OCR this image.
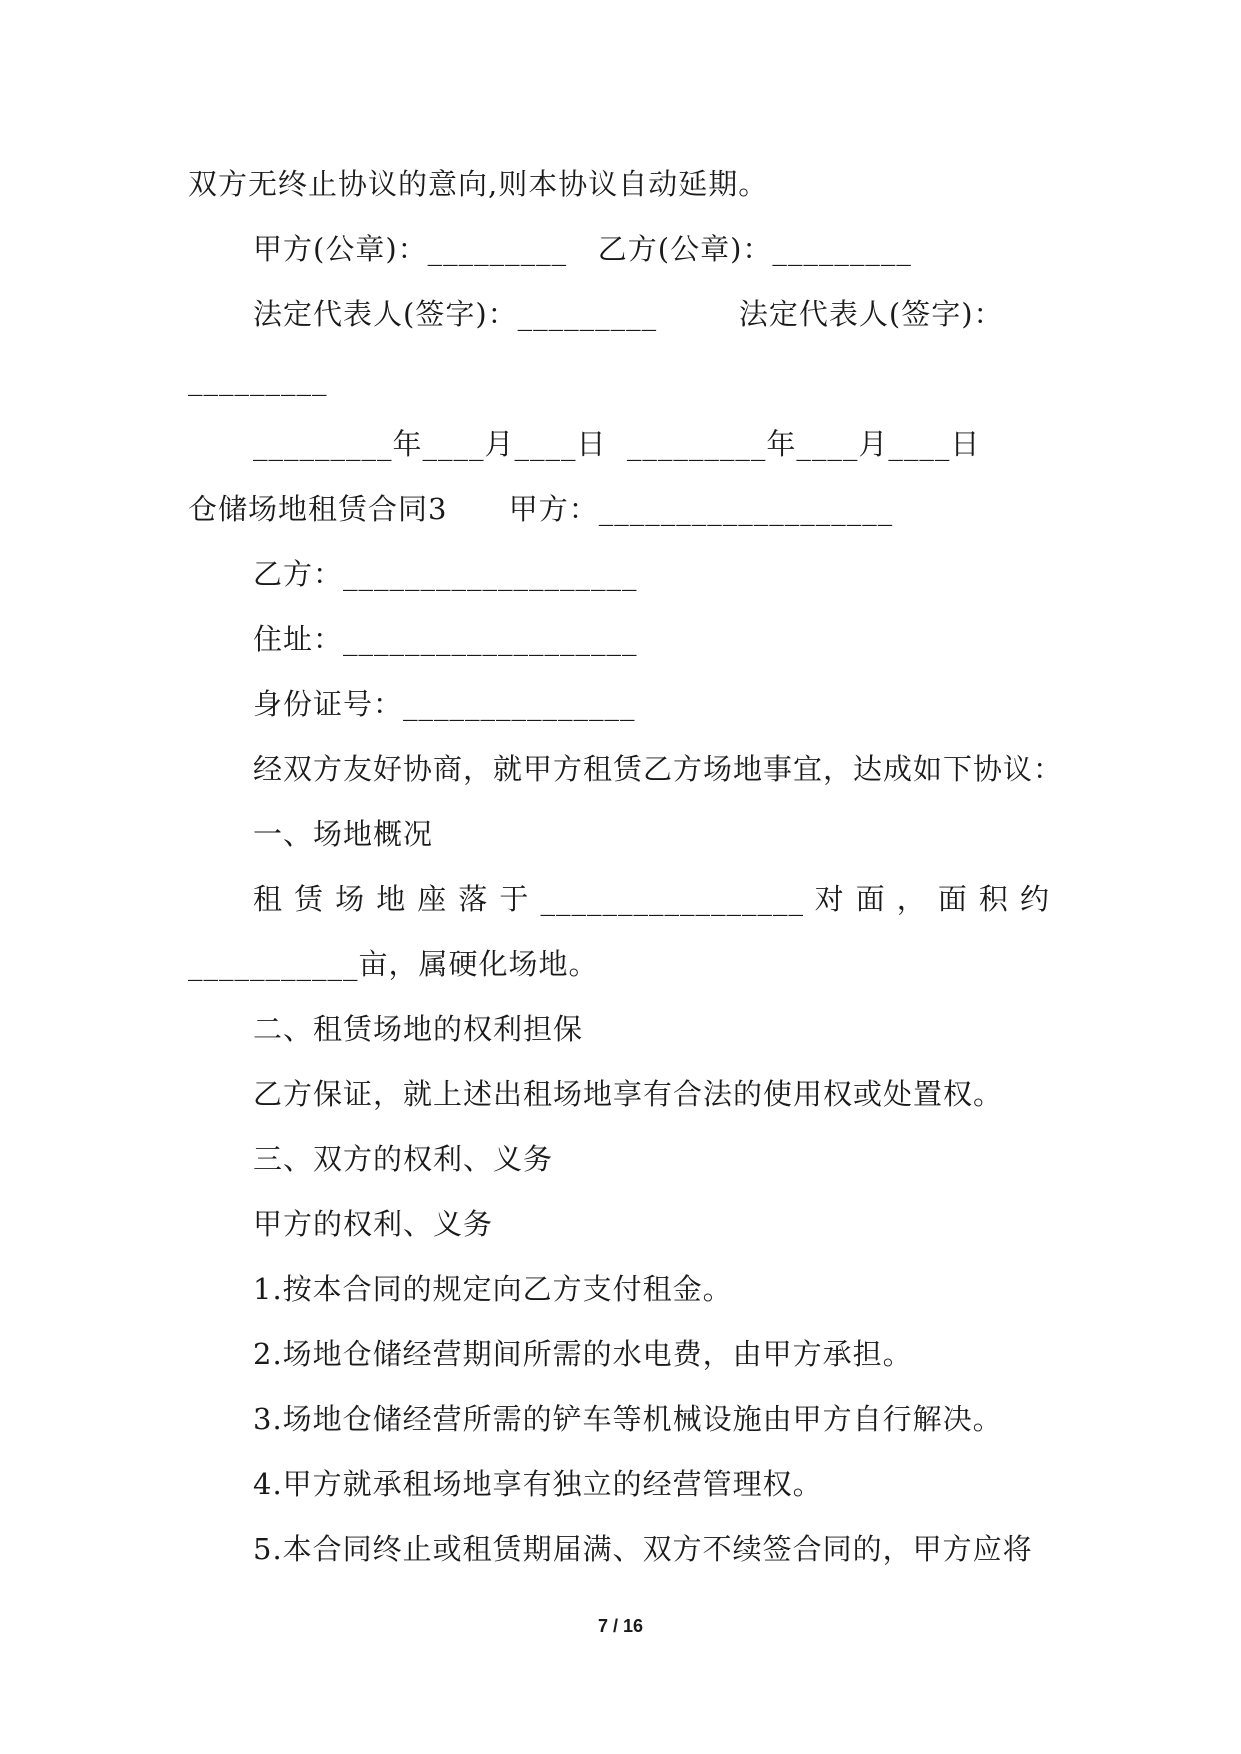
双方无终止协议的意向,则本协议自动延期。
甲方(公章)：_________   乙方(公章)：_________
法定代表人(签字)：_________        法定代表人(签字)：
_________
_________年____月____日  _________年____月____日
仓储场地租赁合同3      甲方：___________________
乙方：___________________
住址：___________________
身份证号：_______________
经双方友好协商，就甲方租赁乙方场地事宜，达成如下协议：
一、场地概况
租 赁 场 地 座 落 于 _________________ 对 面 ， 面 积 约
___________亩，属硬化场地。
二、租赁场地的权利担保
乙方保证，就上述出租场地享有合法的使用权或处置权。
三、双方的权利、义务
甲方的权利、义务
1.按本合同的规定向乙方支付租金。
2.场地仓储经营期间所需的水电费，由甲方承担。
3.场地仓储经营所需的铲车等机械设施由甲方自行解决。
4.甲方就承租场地享有独立的经营管理权。
5.本合同终止或租赁期届满、双方不续签合同的，甲方应将
7 / 16
